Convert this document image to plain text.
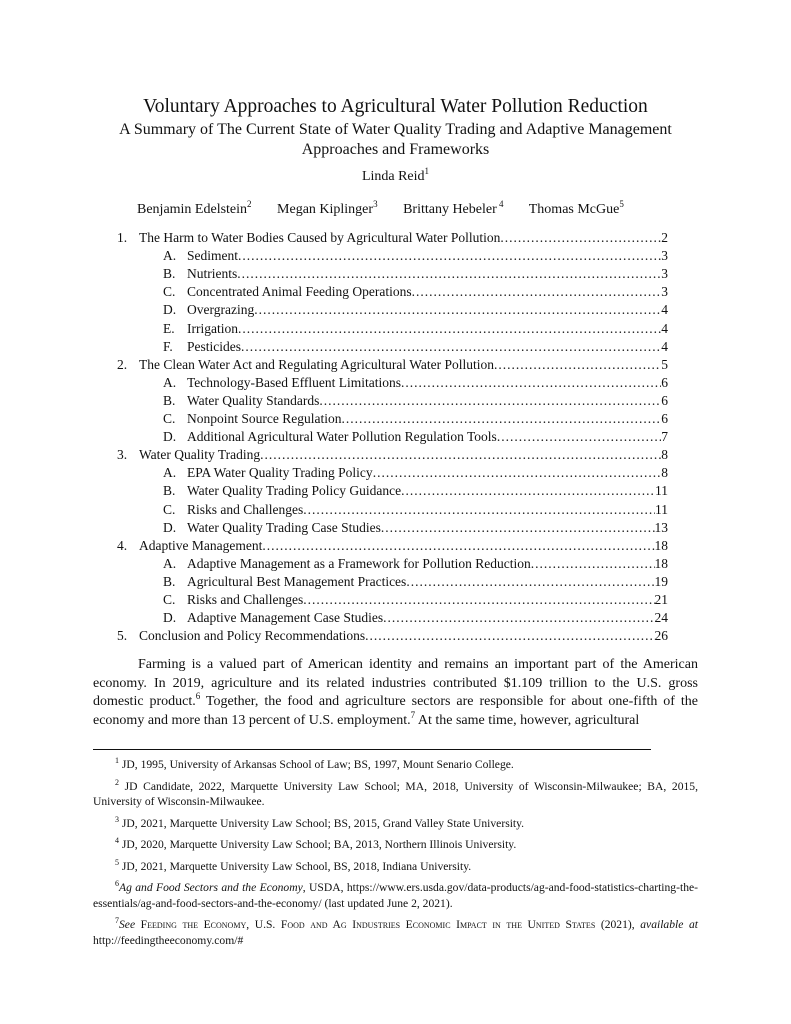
Voluntary Approaches to Agricultural Water Pollution Reduction
A Summary of The Current State of Water Quality Trading and Adaptive Management Approaches and Frameworks
Linda Reid$^1$
Benjamin Edelstein$^2$ Megan Kiplinger$^3$ Brittany Hebeler $^4$ Thomas McGue$^5$
1. The Harm to Water Bodies Caused by Agricultural Water Pollution .....	2
A. Sediment .....	3
B. Nutrients .....	3
C. Concentrated Animal Feeding Operations .....	3
D. Overgrazing .....	4
E. Irrigation .....	4
F. Pesticides .....	4
2. The Clean Water Act and Regulating Agricultural Water Pollution .....	5
A. Technology-Based Effluent Limitations .....	6
B. Water Quality Standards .....	6
C. Nonpoint Source Regulation .....	6
D. Additional Agricultural Water Pollution Regulation Tools .....	7
3. Water Quality Trading .....	8
A. EPA Water Quality Trading Policy .....	8
B. Water Quality Trading Policy Guidance .....	11
C. Risks and Challenges .....	11
D. Water Quality Trading Case Studies .....	13
4. Adaptive Management .....	18
A. Adaptive Management as a Framework for Pollution Reduction .....	18
B. Agricultural Best Management Practices .....	19
C. Risks and Challenges .....	21
D. Adaptive Management Case Studies .....	24
5. Conclusion and Policy Recommendations .....	26
Farming is a valued part of American identity and remains an important part of the American economy. In 2019, agriculture and its related industries contributed $1.109 trillion to the U.S. gross domestic product.$^6$ Together, the food and agriculture sectors are responsible for about one-fifth of the economy and more than 13 percent of U.S. employment.$^7$ At the same time, however, agricultural

$^1$ JD, 1995, University of Arkansas School of Law; BS, 1997, Mount Senario College.

$^2$ JD Candidate, 2022, Marquette University Law School; MA, 2018, University of Wisconsin-Milwaukee; BA, 2015, University of Wisconsin-Milwaukee.

$^3$ JD, 2021, Marquette University Law School; BS, 2015, Grand Valley State University.

$^4$ JD, 2020, Marquette University Law School; BA, 2013, Northern Illinois University.

$^5$ JD, 2021, Marquette University Law School, BS, 2018, Indiana University.

$^6$Ag and Food Sectors and the Economy, USDA, https://www.ers.usda.gov/data-products/ag-and-food-statistics-charting-the-essentials/ag-and-food-sectors-and-the-economy/ (last updated June 2, 2021).

$^7$See Feeding the Economy, U.S. Food and Ag Industries Economic Impact in the United States (2021), available at http://feedingtheeconomy.com/#
